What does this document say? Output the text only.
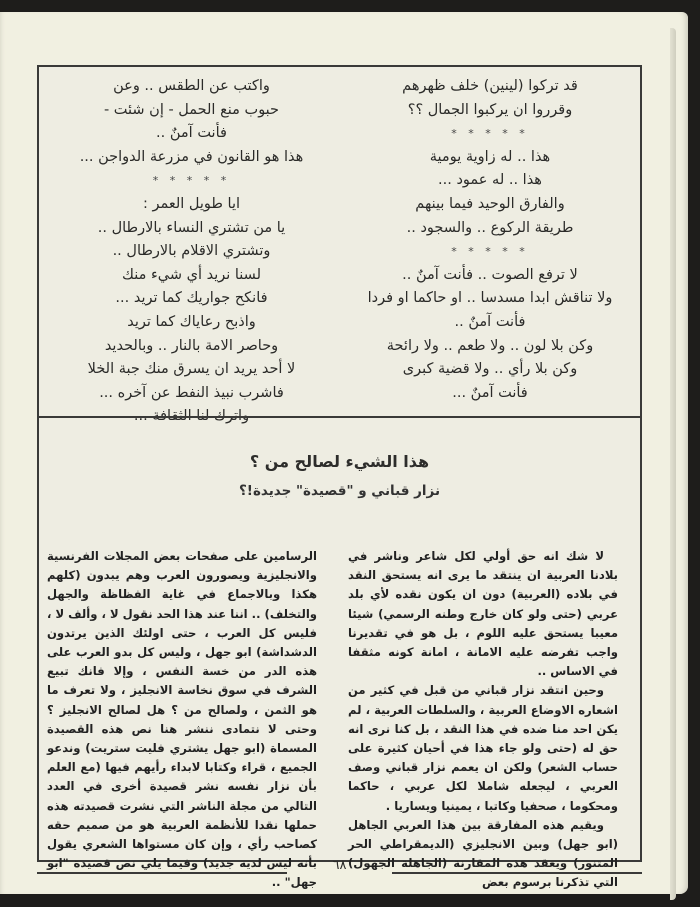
قد تركوا (لينين) خلف ظهرهم
وقرروا ان يركبوا الجمال ؟؟
* * * * *
هذا .. له زاوية يومية
هذا .. له عمود ...
والفارق الوحيد فيما بينهم
طريقة الركوع .. والسجود ..
* * * * *
لا ترفع الصوت .. فأنت آمنٌ ..
ولا تناقش ابدا مسدسا .. او حاكما او فردا
فأنت آمنٌ ..
وكن بلا لون .. ولا طعم .. ولا رائحة
وكن بلا رأي .. ولا قضية كبرى
فأنت آمنٌ ...
واكتب عن الطقس .. وعن
حبوب منع الحمل - إن شئت -
فأنت آمنٌ ..
هذا هو القانون في مزرعة الدواجن ...
* * * * *
ايا طويل العمر :
يا من تشتري النساء بالارطال ..
وتشتري الاقلام بالارطال ..
لسنا نريد أي شيء منك
فانكح جواريك كما تريد ...
واذبح رعاياك كما تريد
وحاصر الامة بالنار .. وبالحديد
لا أحد يريد ان يسرق منك جبة الخلا
فاشرب نبيذ النفط عن آخره ...
واترك لنا الثقافة ...
هذا الشيء لصالح من ؟
نزار قباني و "قصيدة" جديدة!؟

لا شك انه حق أولي لكل شاعر وناشر في بلادنا العربية ان ينتقد ما يرى انه يستحق النقد في بلاده (العربية) دون ان يكون نقده لأي بلد عربي (حتى ولو كان خارج وطنه الرسمي) شيئا معيبا يستحق عليه اللوم ، بل هو في تقديرنا واجب تفرضه عليه الامانة ، امانة كونه مثقفا في الاساس ..

وحين انتقد نزار قباني من قبل في كثير من اشعاره الاوضاع العربية ، والسلطات العربية ، لم يكن احد منا ضده في هذا النقد ، بل كنا نرى انه حق له (حتى ولو جاء هذا في أحيان كثيرة على حساب الشعر) ولكن ان يعمم نزار قباني وصف العربي ، ليجعله شاملا لكل عربي ، حاكما ومحكوما ، صحفيا وكاتبا ، يمينيا ويساريا .

ويقيم هذه المفارقة بين هذا العربي الجاهل (ابو جهل) وبين الانجليزي (الديمقراطي الحر المتنور) ويعقد هذه المقارنة (الجاهلة الجهول) التي تذكرنا برسوم بعض

الرسامين على صفحات بعض المجلات الفرنسية والانجليزية ويصورون العرب وهم يبدون (كلهم هكذا وبالاجماع في غاية الفظاظة والجهل والتخلف) .. اننا عند هذا الحد نقول لا ، وألف لا ، فليس كل العرب ، حتى اولئك الذين يرتدون الدشداشة) ابو جهل ، وليس كل بدو العرب على هذه الدر من خسة النفس ، وإلا فانك تبيع الشرف في سوق نخاسة الانجليز ، ولا تعرف ما هو الثمن ، ولصالح من ؟ هل لصالح الانجليز ؟ وحتى لا نتمادى ننشر هنا نص هذه القصيدة المسماة (ابو جهل يشتري فليت ستريت) وندعو الجميع ، قراء وكتابا لابداء رأيهم فيها (مع العلم بأن نزار نفسه نشر قصيدة أخرى في العدد التالي من مجلة الناشر التي نشرت قصيدته هذه حملها نقدا للأنظمة العربية هو من صميم حقه كصاحب رأي ، وإن كان مستواها الشعري يقول بأنه ليس لديه جديد) وفيما يلي نص قصيدة "ابو جهل" ..

٦٨
